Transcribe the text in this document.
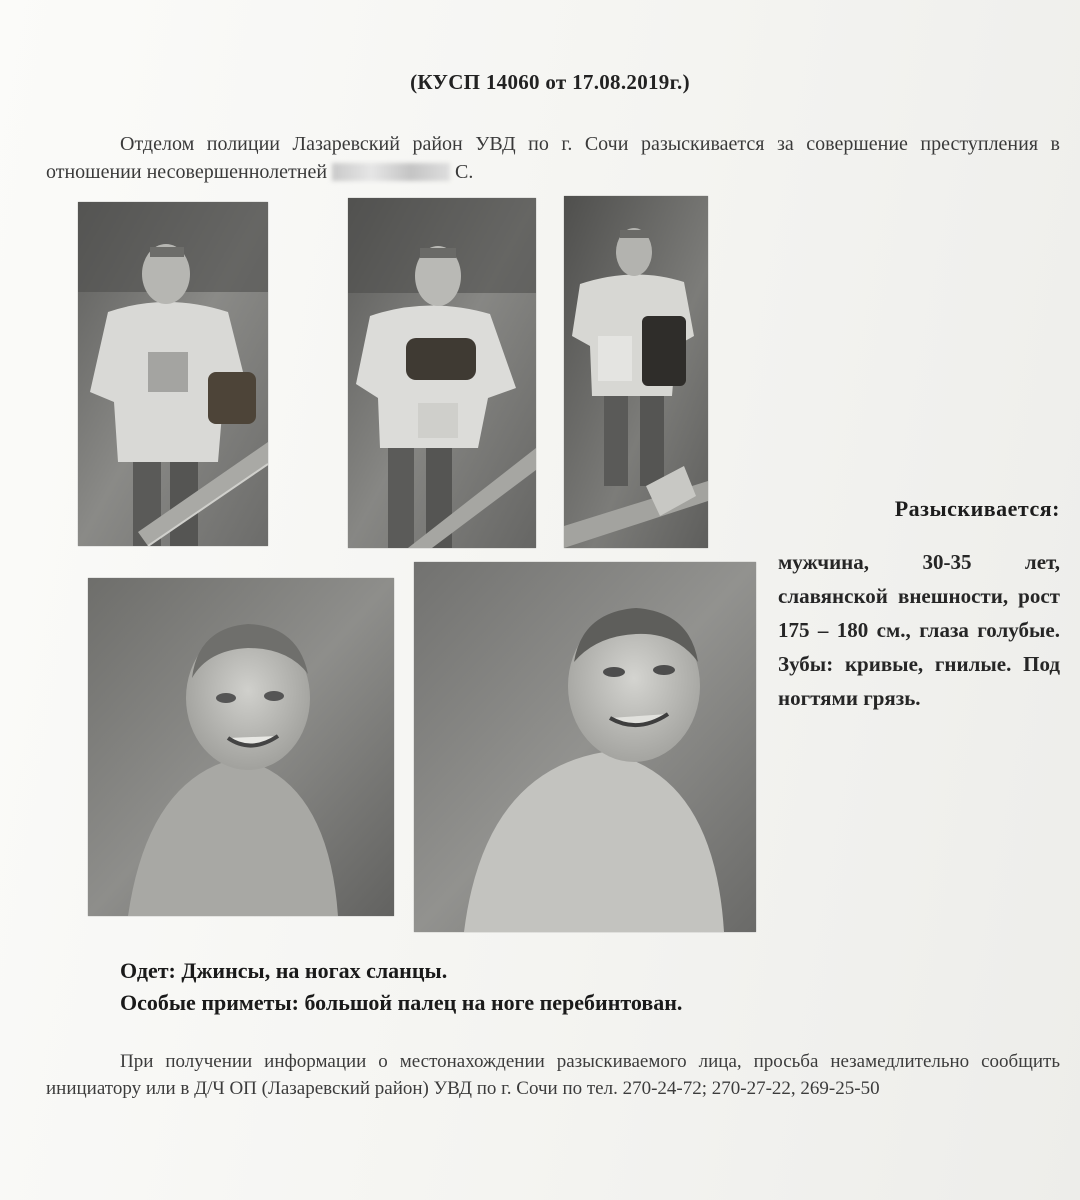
(КУСП 14060 от 17.08.2019г.)
Отделом полиции Лазаревский район УВД по г. Сочи разыскивается за совершение преступления в отношении несовершеннолетней	С.
Разыскивается:
мужчина, 30-35 лет, славянской внешности, рост 175 – 180 см., глаза голубые. Зубы: кривые, гнилые. Под ногтями грязь.
Одет: Джинсы, на ногах сланцы.
Особые приметы: большой палец на ноге перебинтован.
При получении информации о местонахождении разыскиваемого лица, просьба незамедлительно сообщить инициатору или в Д/Ч ОП (Лазаревский район) УВД по г. Сочи по тел. 270-24-72; 270-27-22, 269-25-50
